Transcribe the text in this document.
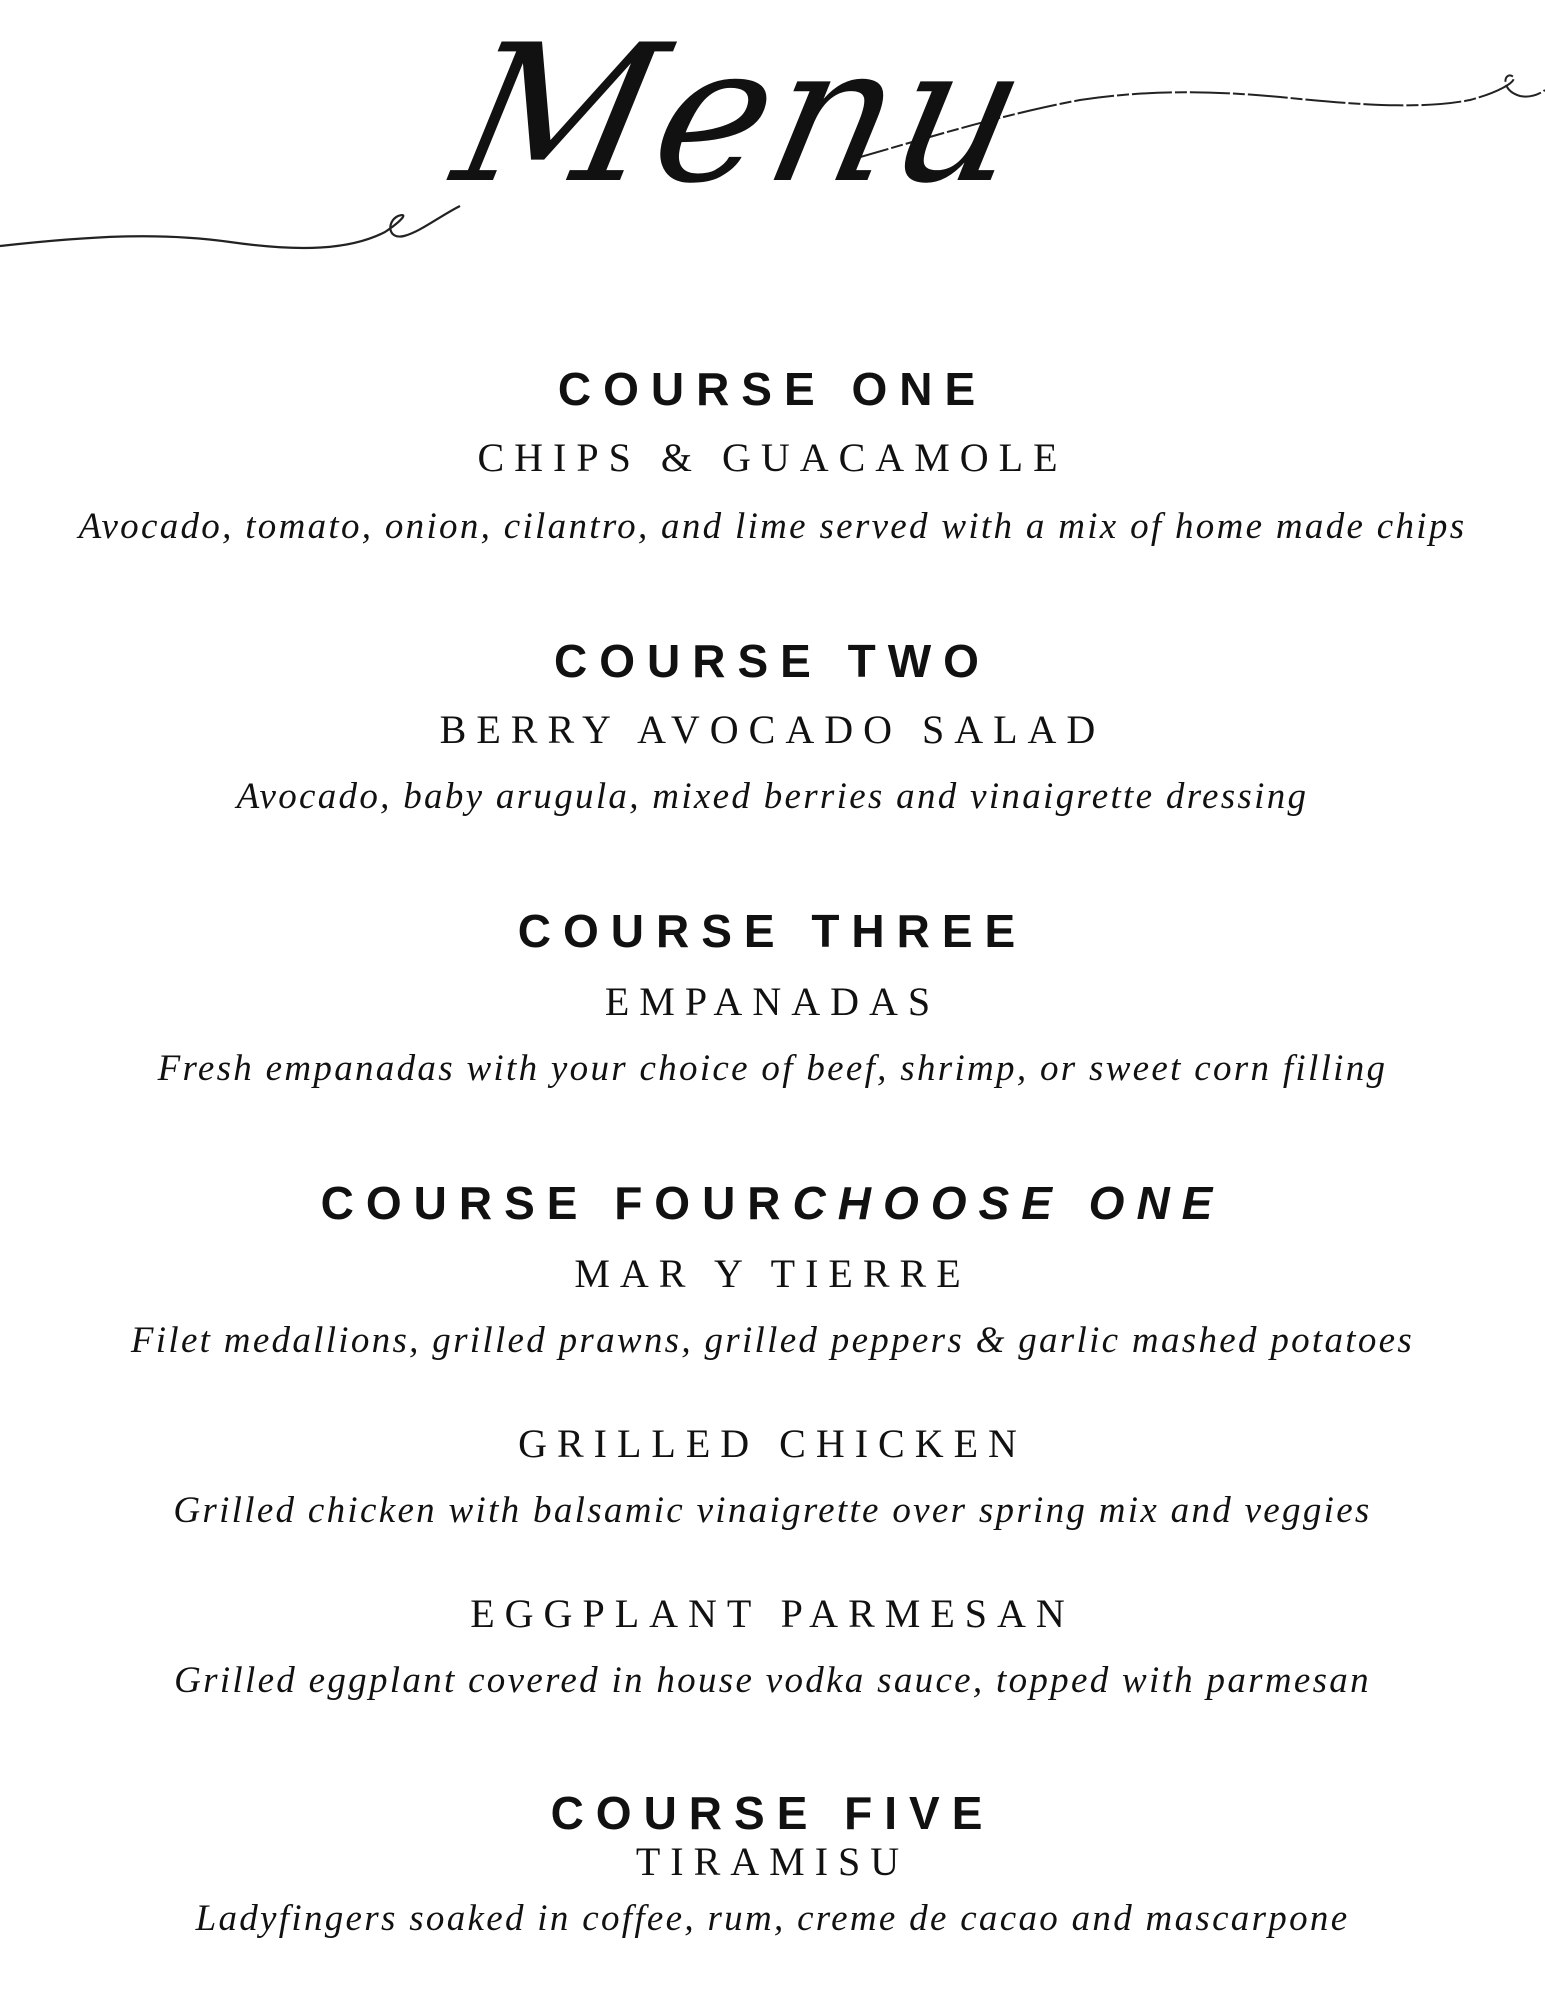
Menu
COURSE ONE
CHIPS & GUACAMOLE
Avocado, tomato, onion, cilantro, and lime served with a mix of home made chips
COURSE TWO
BERRY AVOCADO SALAD
Avocado, baby arugula, mixed berries and vinaigrette dressing
COURSE THREE
EMPANADAS
Fresh empanadas with your choice of beef, shrimp, or sweet corn filling
COURSE FOURCHOOSE ONE
MAR Y TIERRE
Filet medallions, grilled prawns, grilled peppers & garlic mashed potatoes
GRILLED CHICKEN
Grilled chicken with balsamic vinaigrette over spring mix and veggies
EGGPLANT PARMESAN
Grilled eggplant covered in house vodka sauce, topped with parmesan
COURSE FIVE
TIRAMISU
Ladyfingers soaked in coffee, rum, creme de cacao and mascarpone
